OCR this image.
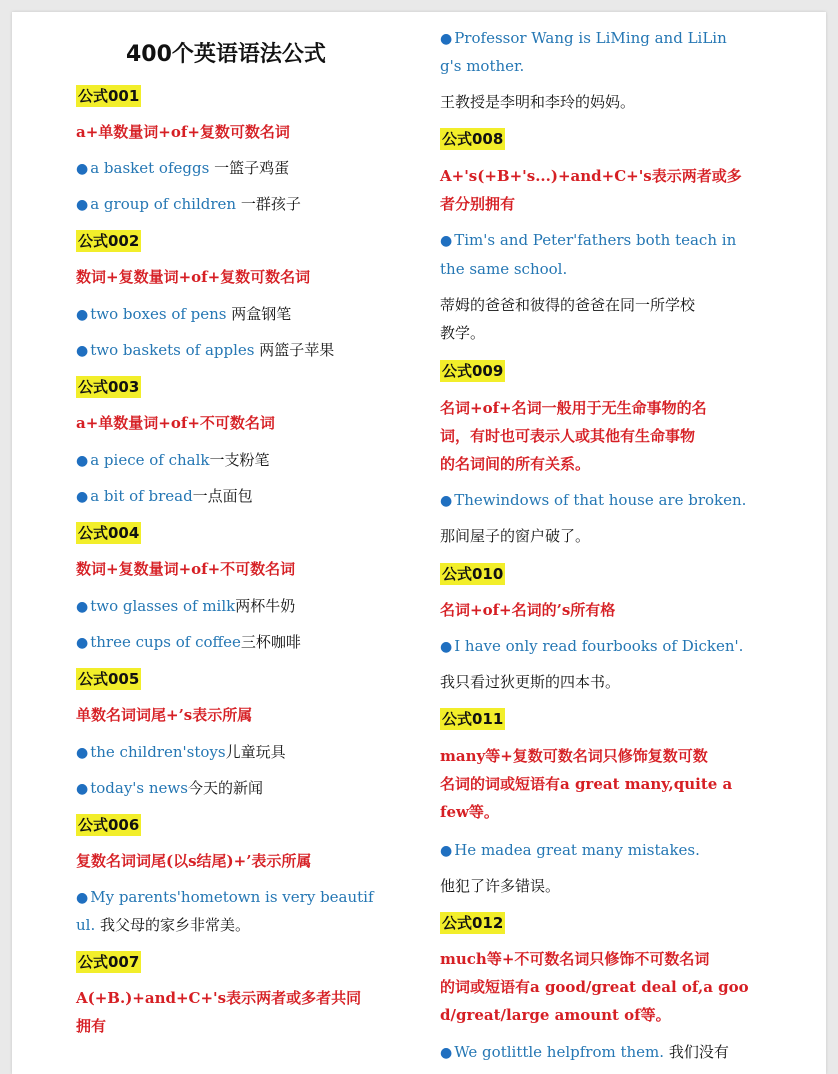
400个英语语法公式
公式001
a+单数量词+of+复数可数名词
● a basket ofeggs 一篮子鸡蛋
● a group of children 一群孩子
公式002
数词+复数量词+of+复数可数名词
● two boxes of pens 两盒钢笔
● two baskets of apples 两篮子苹果
公式003
a+单数量词+of+不可数名词
● a piece of chalk一支粉笔
● a bit of bread一点面包
公式004
数词+复数量词+of+不可数名词
● two glasses of milk两杯牛奶
● three cups of coffee三杯咖啡
公式005
单数名词词尾+’s表示所属
● the children'stoys儿童玩具
● today's news今天的新闻
公式006
复数名词词尾(以s结尾)+’表示所属
● My parents'hometown is very beautif
ul. 我父母的家乡非常美。
公式007
A(+B.)+and+C+'s表示两者或多者共同
拥有
● Professor Wang is LiMing and LiLin
g's mother.
王教授是李明和李玲的妈妈。
公式008
A+'s(+B+'s...)+and+C+'s表示两者或多
者分别拥有
● Tim's and Peter'fathers both teach in
the same school.
蒂姆的爸爸和彼得的爸爸在同一所学校
教学。
公式009
名词+of+名词一般用于无生命事物的名
词，有时也可表示人或其他有生命事物
的名词间的所有关系。
● Thewindows of that house are broken.
那间屋子的窗户破了。
公式010
名词+of+名词的’s所有格
● I have only read fourbooks of Dicken'.
我只看过狄更斯的四本书。
公式011
many等+复数可数名词只修饰复数可数
名词的词或短语有a great many,quite a
few等。
● He madea great many mistakes.
他犯了许多错误。
公式012
much等+不可数名词只修饰不可数名词
的词或短语有a good/great deal of,a goo
d/great/large amount of等。
● We gotlittle helpfrom them. 我们没有
